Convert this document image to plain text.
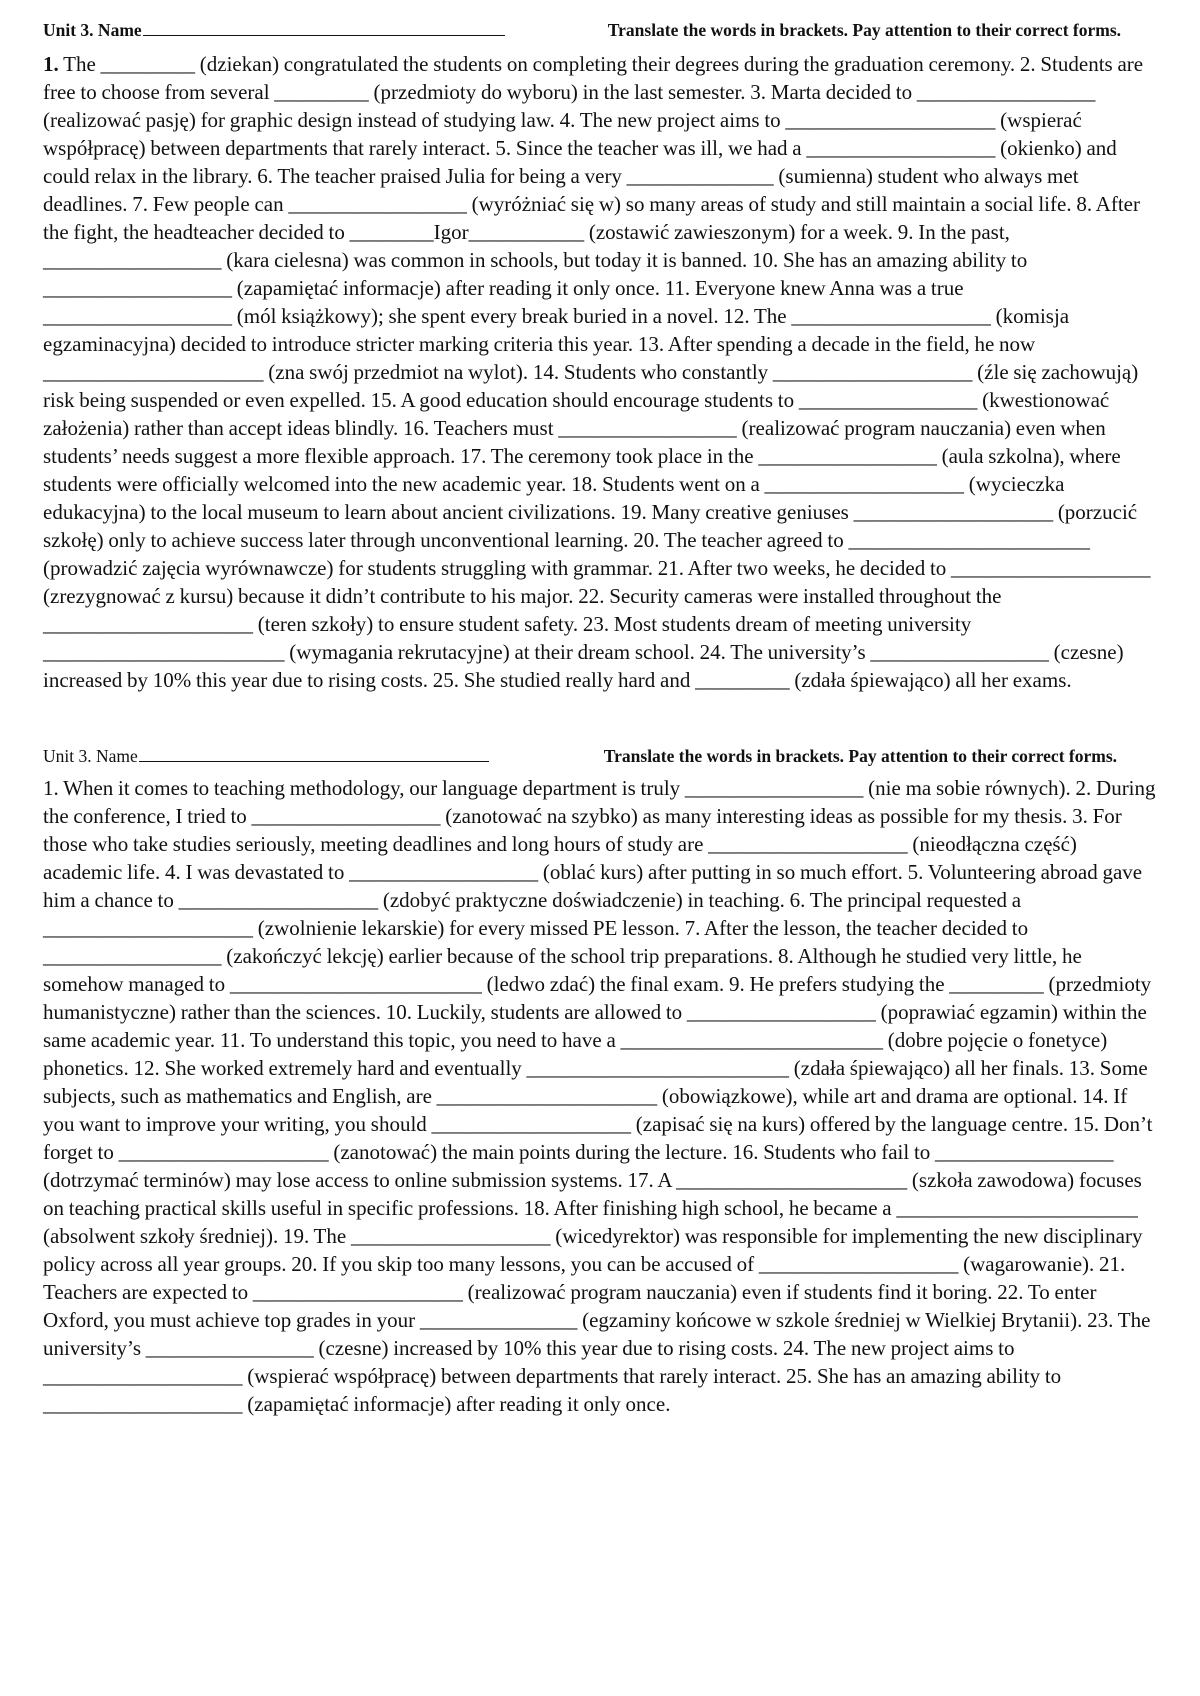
Unit 3. Name	Translate the words in brackets. Pay attention to their correct forms.

1. The _________ (dziekan) congratulated the students on completing their degrees during the graduation ceremony. 2. Students are free to choose from several _________ (przedmioty do wyboru) in the last semester. 3. Marta decided to _________________ (realizować pasję) for graphic design instead of studying law. 4. The new project aims to ____________________ (wspierać współpracę) between departments that rarely interact. 5. Since the teacher was ill, we had a __________________ (okienko) and could relax in the library. 6. The teacher praised Julia for being a very ______________ (sumienna) student who always met deadlines. 7. Few people can _________________ (wyróżniać się w) so many areas of study and still maintain a social life. 8. After the fight, the headteacher decided to ________Igor___________ (zostawić zawieszonym) for a week. 9. In the past, _________________ (kara cielesna) was common in schools, but today it is banned. 10. She has an amazing ability to __________________ (zapamiętać informacje) after reading it only once. 11. Everyone knew Anna was a true __________________ (mól książkowy); she spent every break buried in a novel. 12. The ___________________ (komisja egzaminacyjna) decided to introduce stricter marking criteria this year. 13. After spending a decade in the field, he now _____________________ (zna swój przedmiot na wylot). 14. Students who constantly ___________________ (źle się zachowują) risk being suspended or even expelled. 15. A good education should encourage students to _________________ (kwestionować założenia) rather than accept ideas blindly. 16. Teachers must _________________ (realizować program nauczania) even when students’ needs suggest a more flexible approach. 17. The ceremony took place in the _________________ (aula szkolna), where students were officially welcomed into the new academic year. 18. Students went on a ___________________ (wycieczka edukacyjna) to the local museum to learn about ancient civilizations. 19. Many creative geniuses ___________________ (porzucić szkołę) only to achieve success later through unconventional learning. 20. The teacher agreed to _______________________ (prowadzić zajęcia wyrównawcze) for students struggling with grammar. 21. After two weeks, he decided to ___________________ (zrezygnować z kursu) because it didn’t contribute to his major. 22. Security cameras were installed throughout the ____________________ (teren szkoły) to ensure student safety. 23. Most students dream of meeting university _______________________ (wymagania rekrutacyjne) at their dream school. 24. The university’s _________________ (czesne) increased by 10% this year due to rising costs. 25. She studied really hard and _________ (zdała śpiewająco) all her exams.

Unit 3. Name	Translate the words in brackets. Pay attention to their correct forms.

1. When it comes to teaching methodology, our language department is truly _________________ (nie ma sobie równych). 2. During the conference, I tried to __________________ (zanotować na szybko) as many interesting ideas as possible for my thesis. 3. For those who take studies seriously, meeting deadlines and long hours of study are ___________________ (nieodłączna część) academic life. 4. I was devastated to __________________ (oblać kurs) after putting in so much effort. 5. Volunteering abroad gave him a chance to ___________________ (zdobyć praktyczne doświadczenie) in teaching. 6. The principal requested a ____________________ (zwolnienie lekarskie) for every missed PE lesson. 7. After the lesson, the teacher decided to _________________ (zakończyć lekcję) earlier because of the school trip preparations. 8. Although he studied very little, he somehow managed to ________________________ (ledwo zdać) the final exam. 9. He prefers studying the _________ (przedmioty humanistyczne) rather than the sciences. 10. Luckily, students are allowed to __________________ (poprawiać egzamin) within the same academic year. 11. To understand this topic, you need to have a _________________________ (dobre pojęcie o fonetyce) phonetics. 12. She worked extremely hard and eventually _________________________ (zdała śpiewająco) all her finals. 13. Some subjects, such as mathematics and English, are _____________________ (obowiązkowe), while art and drama are optional. 14. If you want to improve your writing, you should ___________________ (zapisać się na kurs) offered by the language centre. 15. Don’t forget to ____________________ (zanotować) the main points during the lecture. 16. Students who fail to _________________ (dotrzymać terminów) may lose access to online submission systems. 17. A ______________________ (szkoła zawodowa) focuses on teaching practical skills useful in specific professions. 18. After finishing high school, he became a _______________________ (absolwent szkoły średniej). 19. The ___________________ (wicedyrektor) was responsible for implementing the new disciplinary policy across all year groups. 20. If you skip too many lessons, you can be accused of ___________________ (wagarowanie). 21. Teachers are expected to ____________________ (realizować program nauczania) even if students find it boring. 22. To enter Oxford, you must achieve top grades in your _______________ (egzaminy końcowe w szkole średniej w Wielkiej Brytanii). 23. The university’s ________________ (czesne) increased by 10% this year due to rising costs. 24. The new project aims to ___________________ (wspierać współpracę) between departments that rarely interact. 25. She has an amazing ability to ___________________ (zapamiętać informacje) after reading it only once.
